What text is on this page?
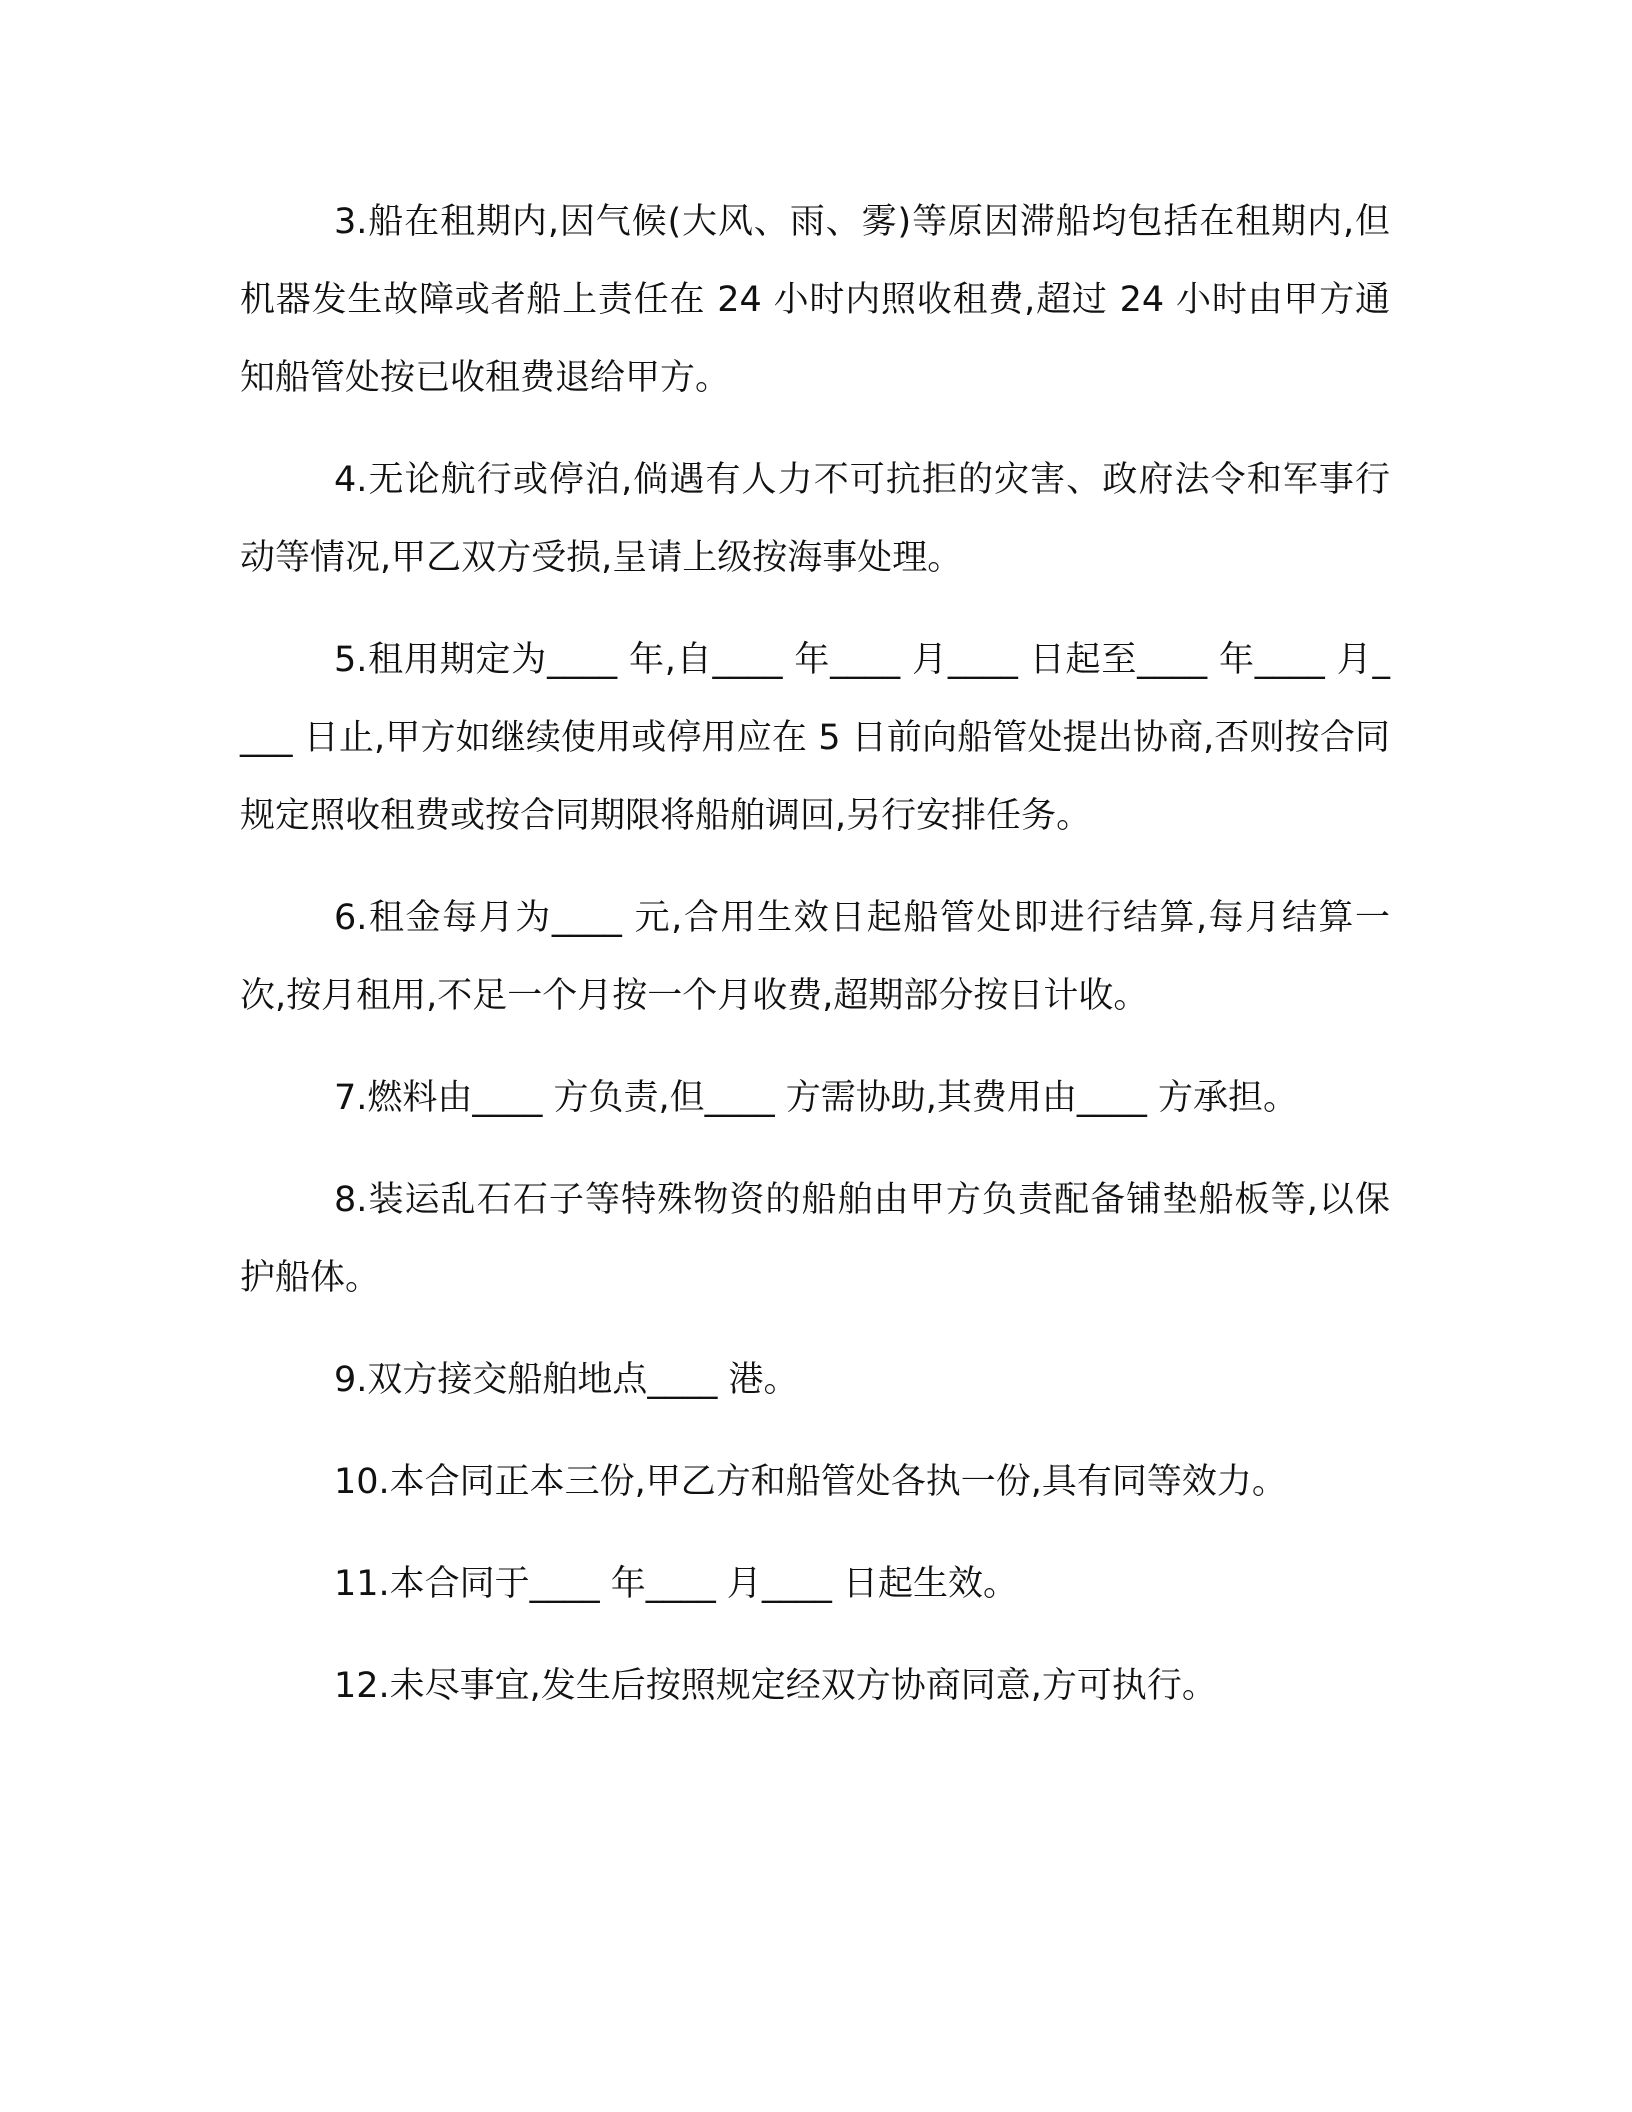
3.船在租期内,因气候(大风、雨、雾)等原因滞船均包括在租期内,但机器发生故障或者船上责任在 24 小时内照收租费,超过 24 小时由甲方通知船管处按已收租费退给甲方。

4.无论航行或停泊,倘遇有人力不可抗拒的灾害、政府法令和军事行动等情况,甲乙双方受损,呈请上级按海事处理。

5.租用期定为____ 年,自____ 年____ 月____ 日起至____ 年____ 月____ 日止,甲方如继续使用或停用应在 5 日前向船管处提出协商,否则按合同规定照收租费或按合同期限将船舶调回,另行安排任务。

6.租金每月为____ 元,合用生效日起船管处即进行结算,每月结算一次,按月租用,不足一个月按一个月收费,超期部分按日计收。

7.燃料由____ 方负责,但____ 方需协助,其费用由____ 方承担。

8.装运乱石石子等特殊物资的船舶由甲方负责配备铺垫船板等,以保护船体。

9.双方接交船舶地点____ 港。

10.本合同正本三份,甲乙方和船管处各执一份,具有同等效力。

11.本合同于____ 年____ 月____ 日起生效。

12.未尽事宜,发生后按照规定经双方协商同意,方可执行。
